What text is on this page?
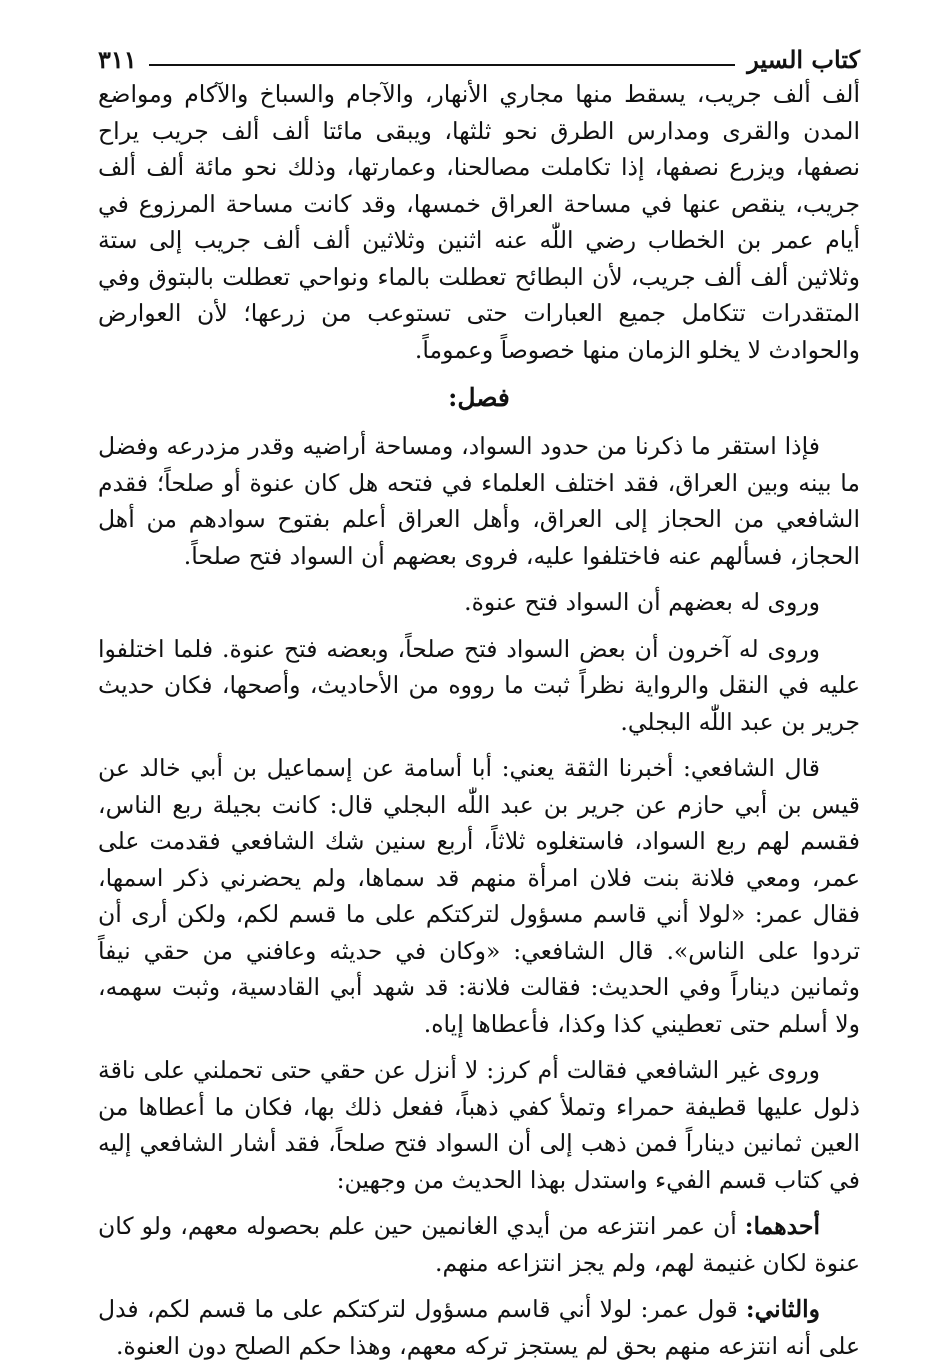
كتاب السير
٣١١

ألف ألف جريب، يسقط منها مجاري الأنهار، والآجام والسباخ والآكام ومواضع المدن والقرى ومدارس الطرق نحو ثلثها، ويبقى مائتا ألف ألف جريب يراح نصفها، ويزرع نصفها، إذا تكاملت مصالحنا، وعمارتها، وذلك نحو مائة ألف ألف جريب، ينقص عنها في مساحة العراق خمسها، وقد كانت مساحة المرزوع في أيام عمر بن الخطاب رضي اللّٰه عنه اثنين وثلاثين ألف ألف جريب إلى ستة وثلاثين ألف ألف جريب، لأن البطائح تعطلت بالماء ونواحي تعطلت بالبتوق وفي المتقدرات تتكامل جميع العبارات حتى تستوعب من زرعها؛ لأن العوارض والحوادث لا يخلو الزمان منها خصوصاً وعموماً.

فصل:

فإذا استقر ما ذكرنا من حدود السواد، ومساحة أراضيه وقدر مزدرعه وفضل ما بينه وبين العراق، فقد اختلف العلماء في فتحه هل كان عنوة أو صلحاً؛ فقدم الشافعي من الحجاز إلى العراق، وأهل العراق أعلم بفتوح سوادهم من أهل الحجاز، فسألهم عنه فاختلفوا عليه، فروى بعضهم أن السواد فتح صلحاً.

وروى له بعضهم أن السواد فتح عنوة.

وروى له آخرون أن بعض السواد فتح صلحاً، وبعضه فتح عنوة. فلما اختلفوا عليه في النقل والرواية نظراً ثبت ما رووه من الأحاديث، وأصحها، فكان حديث جرير بن عبد اللّٰه البجلي.

قال الشافعي: أخبرنا الثقة يعني: أبا أسامة عن إسماعيل بن أبي خالد عن قيس بن أبي حازم عن جرير بن عبد اللّٰه البجلي قال: كانت بجيلة ربع الناس، فقسم لهم ربع السواد، فاستغلوه ثلاثاً، أربع سنين شك الشافعي فقدمت على عمر، ومعي فلانة بنت فلان امرأة منهم قد سماها، ولم يحضرني ذكر اسمها، فقال عمر: «لولا أني قاسم مسؤول لتركتكم على ما قسم لكم، ولكن أرى أن تردوا على الناس». قال الشافعي: «وكان في حديثه وعافني من حقي نيفاً وثمانين ديناراً وفي الحديث: فقالت فلانة: قد شهد أبي القادسية، وثبت سهمه، ولا أسلم حتى تعطيني كذا وكذا، فأعطاها إياه.

وروى غير الشافعي فقالت أم كرز: لا أنزل عن حقي حتى تحملني على ناقة ذلول عليها قطيفة حمراء وتملأ كفي ذهباً، ففعل ذلك بها، فكان ما أعطاها من العين ثمانين ديناراً فمن ذهب إلى أن السواد فتح صلحاً، فقد أشار الشافعي إليه في كتاب قسم الفيء واستدل بهذا الحديث من وجهين:

أحدهما: أن عمر انتزعه من أيدي الغانمين حين علم بحصوله معهم، ولو كان عنوة لكان غنيمة لهم، ولم يجز انتزاعه منهم.

والثاني: قول عمر: لولا أني قاسم مسؤول لتركتكم على ما قسم لكم، فدل على أنه انتزعه منهم بحق لم يستجز تركه معهم، وهذا حكم الصلح دون العنوة.
